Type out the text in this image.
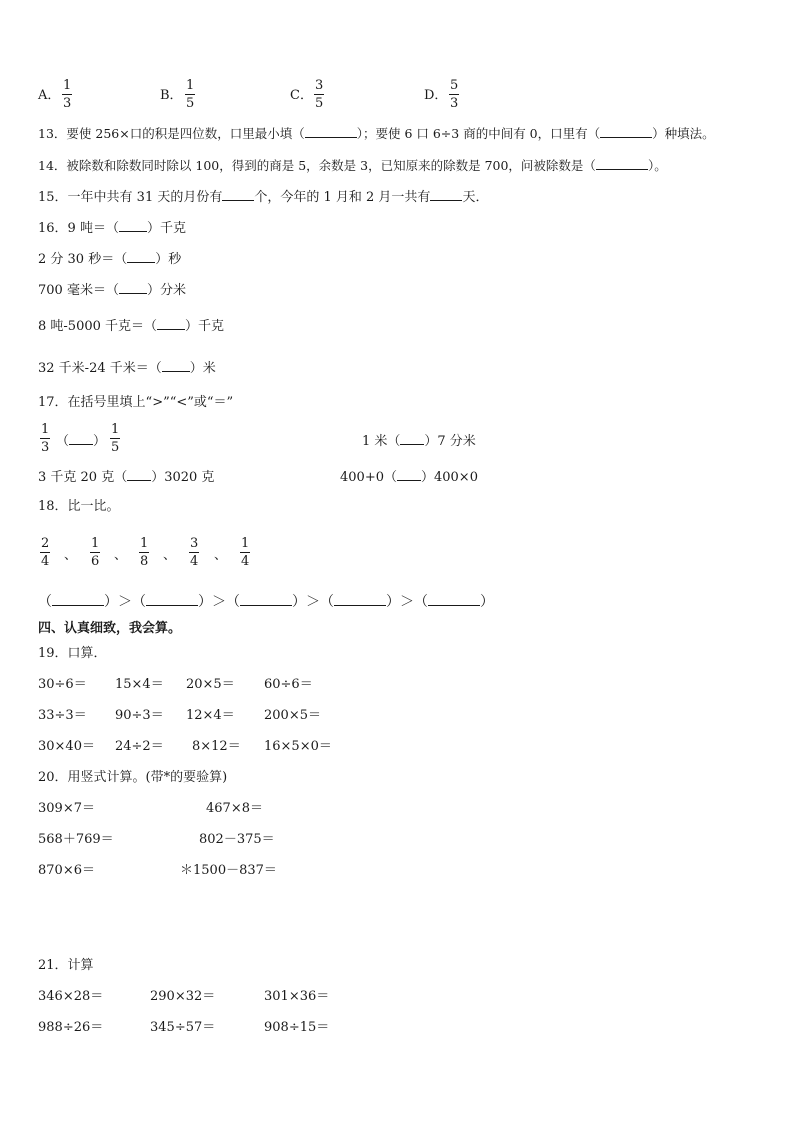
A． $\frac{1}{3}$	B． $\frac{1}{5}$	C． $\frac{3}{5}$	D． $\frac{5}{3}$
13．要使 256×口的积是四位数，口里最小填（	）；要使 6 口 6÷3 商的中间有 0，口里有（	）种填法。
14．被除数和除数同时除以 100，得到的商是 5，余数是 3，已知原来的除数是 700，问被除数是（	）。
15．一年中共有 31 天的月份有 个，今年的 1 月和 2 月一共有 天．
16．9 吨＝（ ）千克
2 分 30 秒＝（ ）秒
700 毫米＝（ ）分米
8 吨-5000 千克＝（ ）千克
32 千米-24 千米＝（ ）米
17．在括号里填上“>”“<”或“＝”
$\frac{1}{3}$ （ ） $\frac{1}{5}$	1 米（ ）7 分米
3 千克 20 克（ ）3020 克	400+0（ ）400×0
18．比一比。
$\frac{2}{4}$ 、 $\frac{1}{6}$ 、 $\frac{1}{8}$ 、 $\frac{3}{4}$ 、 $\frac{1}{4}$
（	）＞（	）＞（	）＞（	）＞（	）
四、认真细致，我会算。
19．口算．
30÷6＝ 15×4＝ 20×5＝ 60÷6＝
33÷3＝ 90÷3＝ 12×4＝ 200×5＝
30×40＝ 24÷2＝ 8×12＝ 16×5×0＝
20．用竖式计算。(带*的要验算)
309×7＝	467×8＝
568＋769＝	802－375＝
870×6＝	＊1500－837＝
21．计算
346×28＝	290×32＝	301×36＝
988÷26＝	345÷57＝	908÷15＝
